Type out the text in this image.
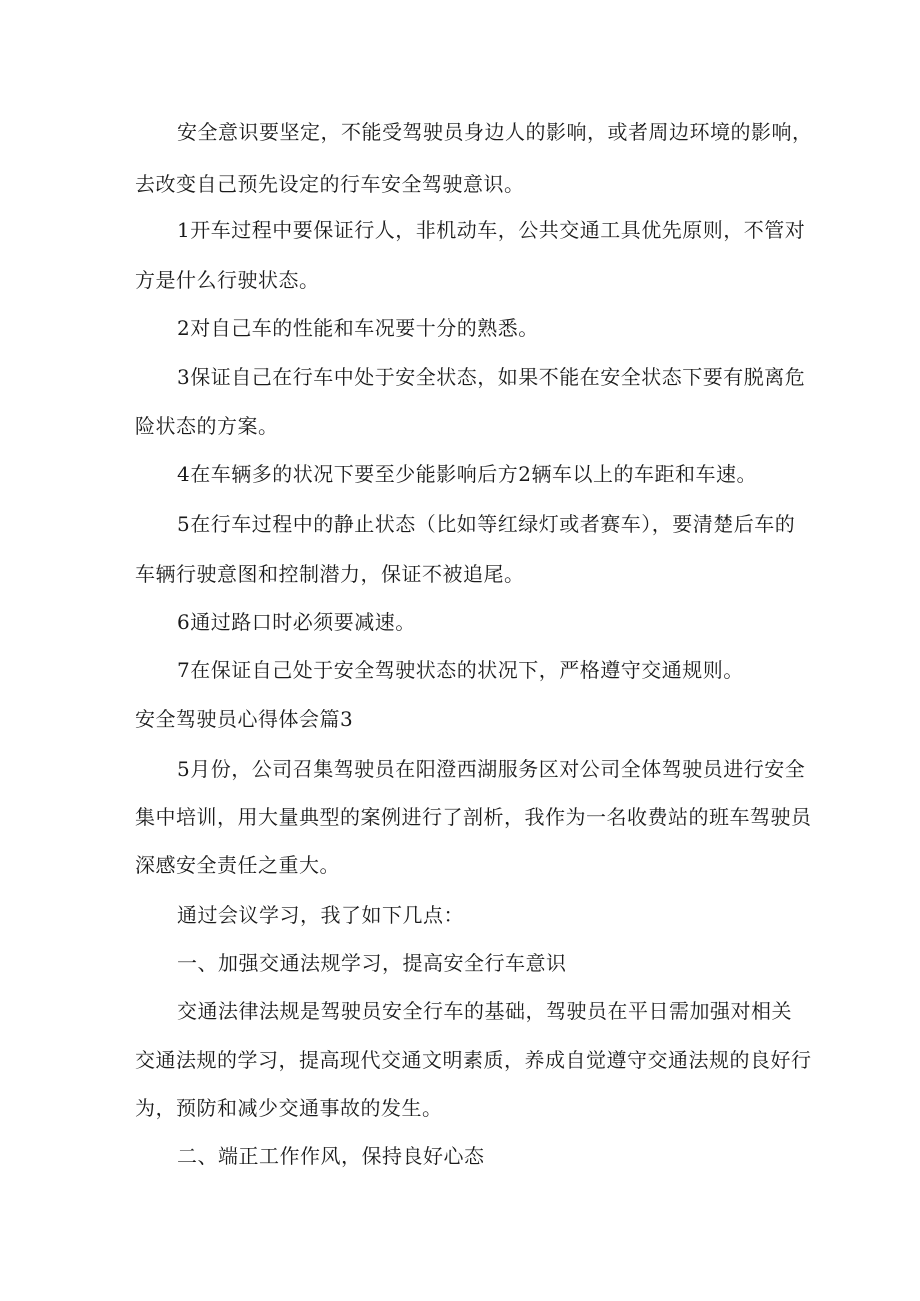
安全意识要坚定，不能受驾驶员身边人的影响，或者周边环境的影响，
去改变自己预先设定的行车安全驾驶意识。
1开车过程中要保证行人，非机动车，公共交通工具优先原则，不管对
方是什么行驶状态。
2对自己车的性能和车况要十分的熟悉。
3保证自己在行车中处于安全状态，如果不能在安全状态下要有脱离危
险状态的方案。
4在车辆多的状况下要至少能影响后方2辆车以上的车距和车速。
5在行车过程中的静止状态（比如等红绿灯或者赛车），要清楚后车的
车辆行驶意图和控制潜力，保证不被追尾。
6通过路口时必须要减速。
7在保证自己处于安全驾驶状态的状况下，严格遵守交通规则。
安全驾驶员心得体会篇3
5月份，公司召集驾驶员在阳澄西湖服务区对公司全体驾驶员进行安全
集中培训，用大量典型的案例进行了剖析，我作为一名收费站的班车驾驶员
深感安全责任之重大。
通过会议学习，我了如下几点：
一、加强交通法规学习，提高安全行车意识
交通法律法规是驾驶员安全行车的基础，驾驶员在平日需加强对相关
交通法规的学习，提高现代交通文明素质，养成自觉遵守交通法规的良好行
为，预防和减少交通事故的发生。
二、端正工作作风，保持良好心态
